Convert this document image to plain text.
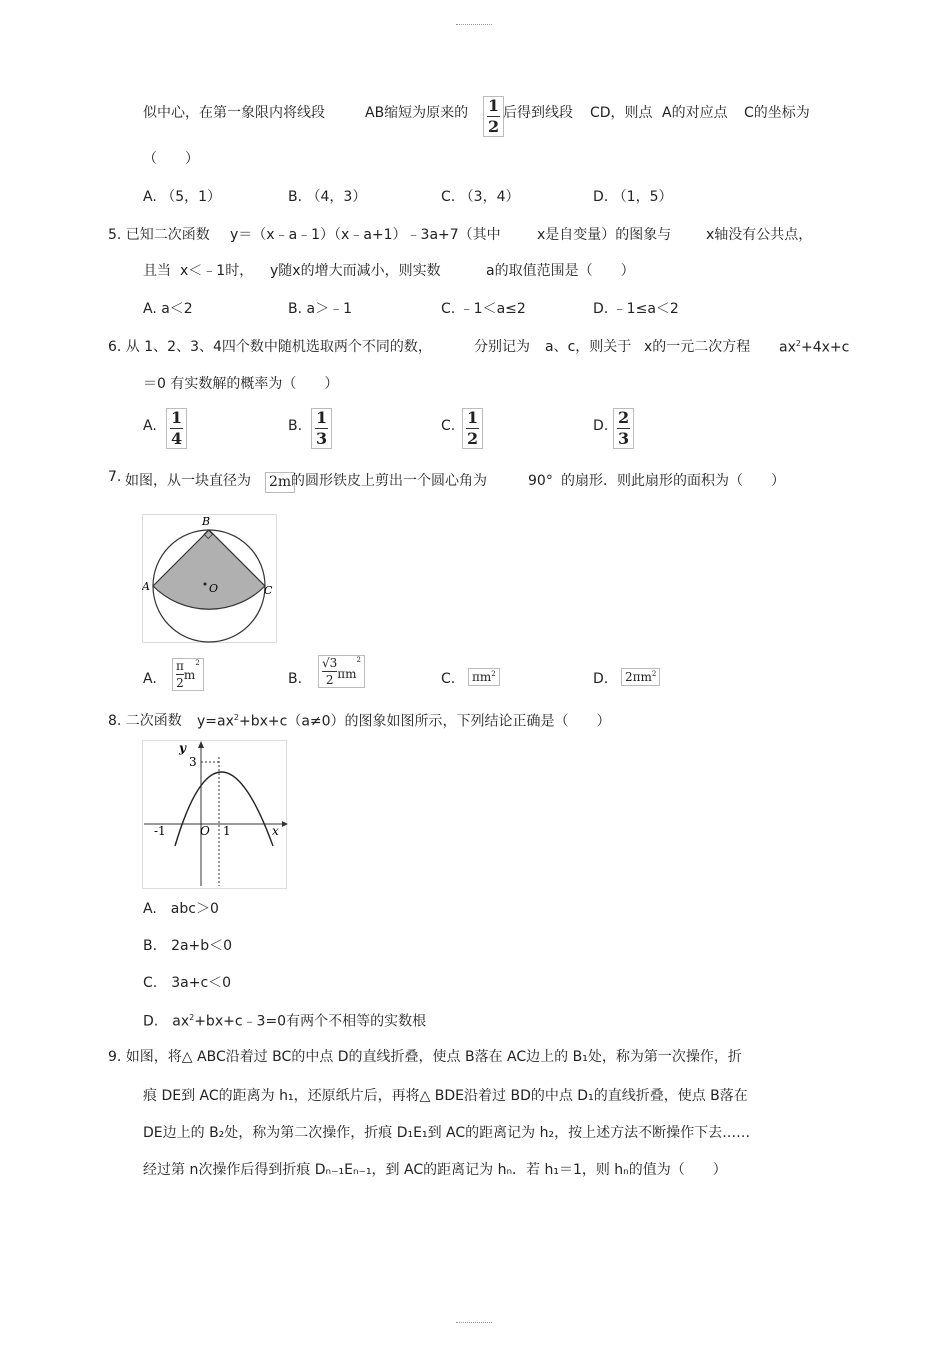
似中心，在第一象限内将线段	AB缩短为原来的 $\frac{1}{2}$
后得到线段 CD，则点 A的对应点 C的坐标为
（　　）
A. （5，1）	B. （4，3）	C. （3，4）	D. （1，5）
5. 已知二次函数 y＝（x﹣a﹣1）（x﹣a+1）﹣3a+7（其中	x是自变量）的图象与 x轴没有公共点，
且当 x＜﹣1时， y随x的增大而减小，则实数	a的取值范围是（　　）
A. a＜2	B. a＞﹣1	C. ﹣1＜a≤2	D. ﹣1≤a＜2
6. 从 1、2、3、4四个数中随机选取两个不同的数，	分别记为 a、c，则关于 x的一元二次方程 $ax^2+4x+c$
＝0 有实数解的概率为（　　）
A. $\frac{1}{4}$	B. $\frac{1}{3}$	C. $\frac{1}{2}$	D. $\frac{2}{3}$
7. 如图，从一块直径为 2m 的圆形铁皮上剪出一个圆心角为	90° 的扇形．则此扇形的面积为（　　）
B
A	O	C
A. $\frac{\pi}{2}$ m
2
B. $\frac{√3}{2}$ πm
2
C.	$\pi m^2$	D.	$2\pi m^2$
8. 二次函数 $y=ax^2+bx+c(a\ne 0)$的图象如图所示，下列结论正确是（　　）
y
3
-1	O 1	x
A.  abc＞0
B.  2a+b＜0
C.  3a+c＜0
D.  $ax^2+bx+c﹣3=0$有两个不相等的实数根
9. 如图，将△ ABC沿着过 BC的中点 D的直线折叠，使点 B落在 AC边上的 B₁处，称为第一次操作，折
痕 DE到 AC的距离为 h₁，还原纸片后，再将△ BDE沿着过 BD的中点 D₁的直线折叠，使点 B落在
DE边上的 B₂处，称为第二次操作，折痕 D₁E₁到 AC的距离记为 h₂，按上述方法不断操作下去……
经过第 n次操作后得到折痕 Dₙ₋₁Eₙ₋₁，到 AC的距离记为 hₙ．若 h₁＝1，则 hₙ的值为（　　）
